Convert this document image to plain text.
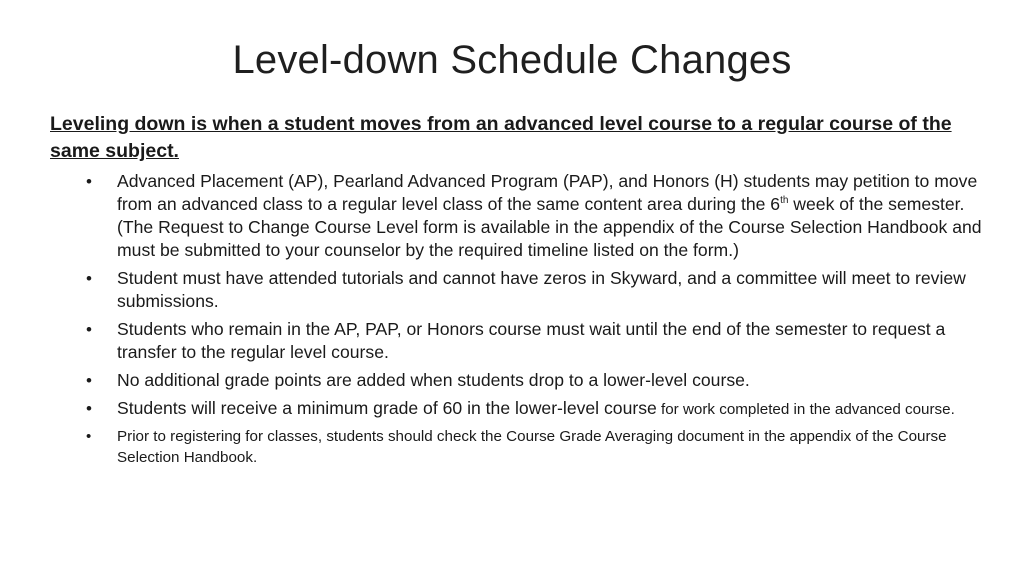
Level-down Schedule Changes

Leveling down is when a student moves from an advanced level course to a regular course of the same subject.

•	Advanced Placement (AP), Pearland Advanced Program (PAP), and Honors (H) students may petition to move from an advanced class to a regular level class of the same content area during the 6th week of the semester. (The Request to Change Course Level form is available in the appendix of the Course Selection Handbook and must be submitted to your counselor by the required timeline listed on the form.)
•	Student must have attended tutorials and cannot have zeros in Skyward, and a committee will meet to review submissions.
•	Students who remain in the AP, PAP, or Honors course must wait until the end of the semester to request a transfer to the regular level course.
•	No additional grade points are added when students drop to a lower-level course.
•	Students will receive a minimum grade of 60 in the lower-level course for work completed in the advanced course.
•	Prior to registering for classes, students should check the Course Grade Averaging document in the appendix of the Course Selection Handbook.
